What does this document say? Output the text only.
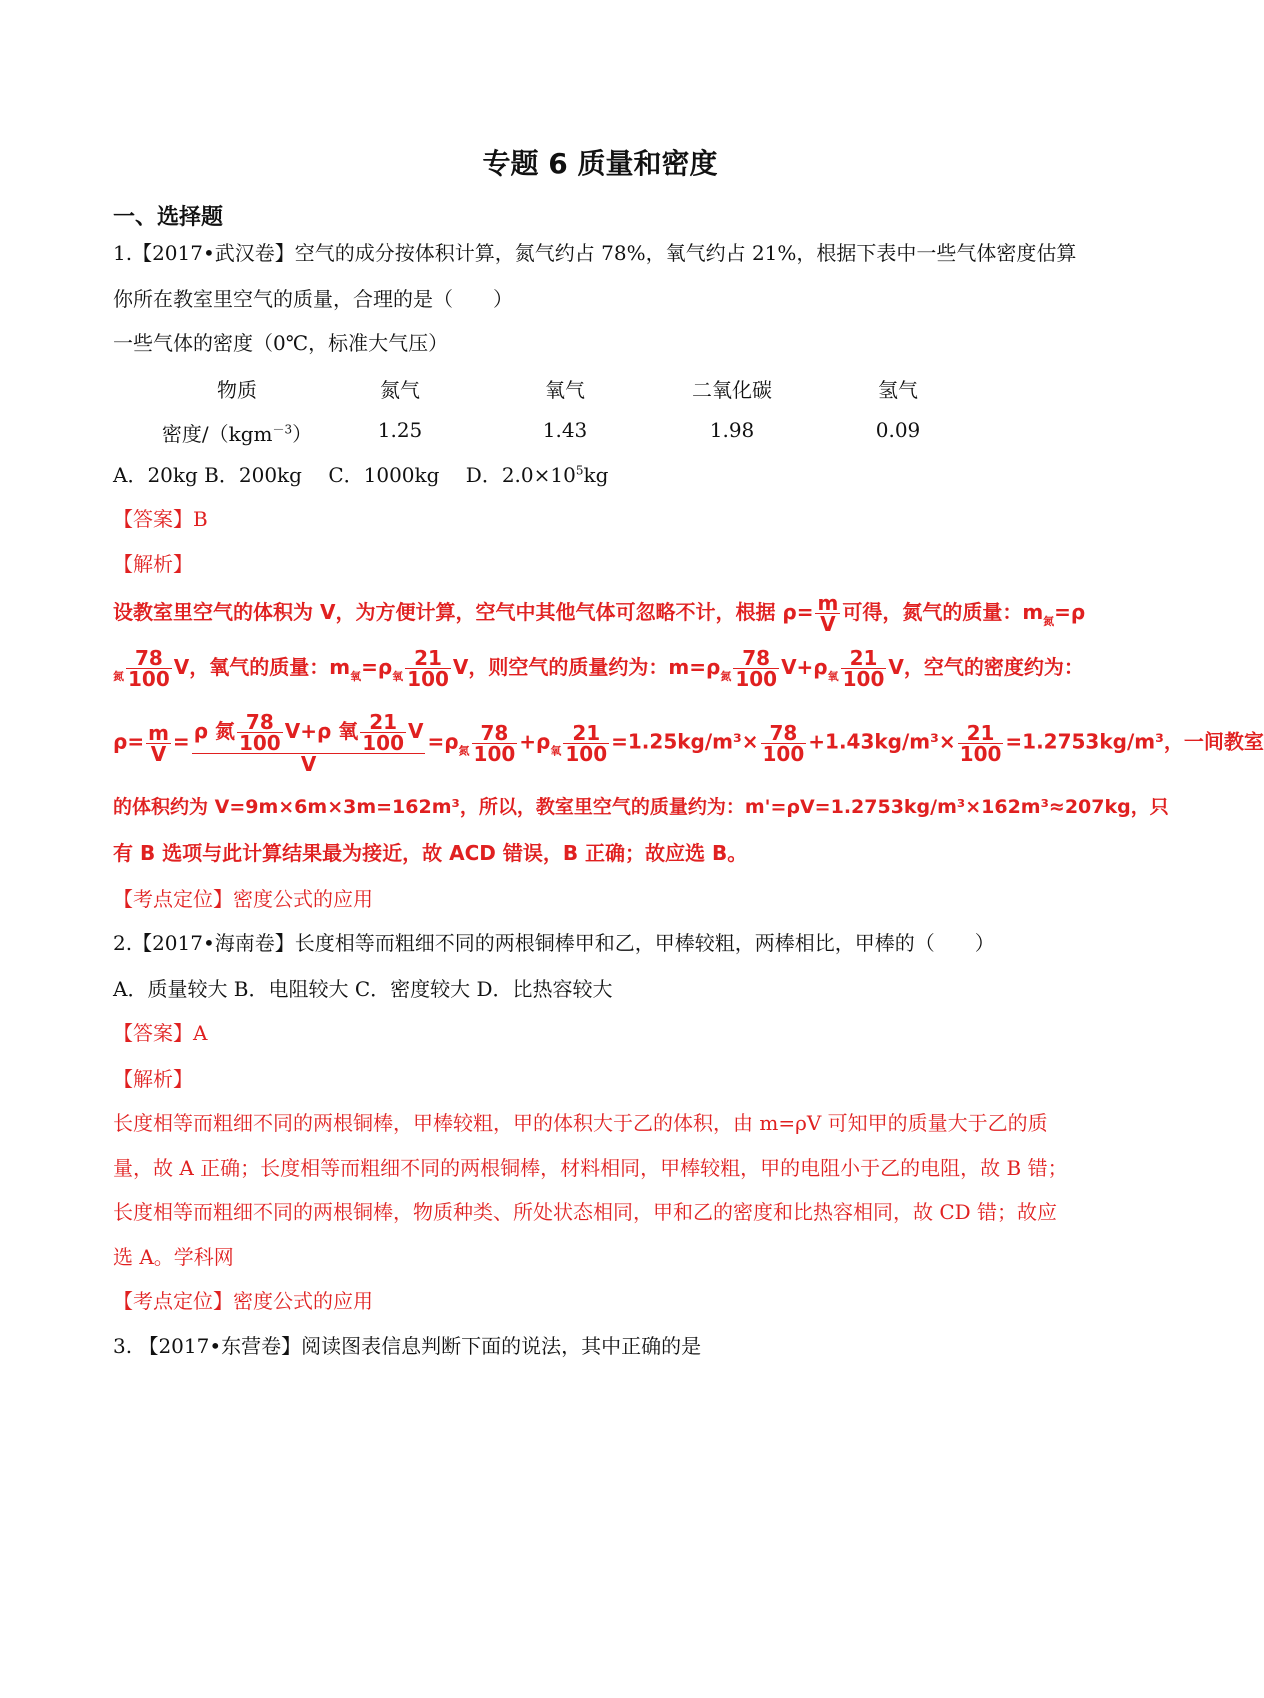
专题 6 质量和密度
一、选择题
1.【2017•武汉卷】空气的成分按体积计算，氮气约占 78%，氧气约占 21%，根据下表中一些气体密度估算
你所在教室里空气的质量，合理的是（　　）
一些气体的密度（0℃，标准大气压）
物质	氮气	氧气	二氧化碳	氢气
密度/（kgm$^{-3}$）	1.25	1.43	1.98	0.09
A．20kg B．200kg　 C．1000kg　 D．$2.0\times 10^5kg$
【答案】B
【解析】
设教室里空气的体积为 V，为方便计算，空气中其他气体可忽略不计，根据 $\rho= \frac{m}{V}$ 可得，氮气的质量：$m_氮=\rho$
$_氮 \frac{78}{100}$ V，氧气的质量：$m_氧=\rho_氧 \frac{21}{100}$ V，则空气的质量约为：$m=\rho_氮 \frac{78}{100} V+\rho_氧 \frac{21}{100}$ V，空气的密度约为：
$\rho= \frac{m}{V} = \frac{\rho 氮 \frac{78}{100} V+\rho 氧 \frac{21}{100} V}{V} =\rho_氮 \frac{78}{100} +\rho_氧 \frac{21}{100} =1.25kg/m^3\times \frac{78}{100} +1.43kg/m^3\times \frac{21}{100} =1.2753kg/m^3$，一间教室
的体积约为 V=9m×6m×3m=162m³，所以，教室里空气的质量约为：m'=ρV=1.2753kg/m³×162m³≈207kg，只
有 B 选项与此计算结果最为接近，故 ACD 错误，B 正确；故应选 B。
【考点定位】密度公式的应用
2.【2017•海南卷】长度相等而粗细不同的两根铜棒甲和乙，甲棒较粗，两棒相比，甲棒的（　　）
A．质量较大 B．电阻较大 C．密度较大 D．比热容较大
【答案】A
【解析】
长度相等而粗细不同的两根铜棒，甲棒较粗，甲的体积大于乙的体积，由 m=ρV 可知甲的质量大于乙的质
量，故 A 正确；长度相等而粗细不同的两根铜棒，材料相同，甲棒较粗，甲的电阻小于乙的电阻，故 B 错；
长度相等而粗细不同的两根铜棒，物质种类、所处状态相同，甲和乙的密度和比热容相同，故 CD 错；故应
选 A。学科网
【考点定位】密度公式的应用
3. 【2017•东营卷】阅读图表信息判断下面的说法，其中正确的是
